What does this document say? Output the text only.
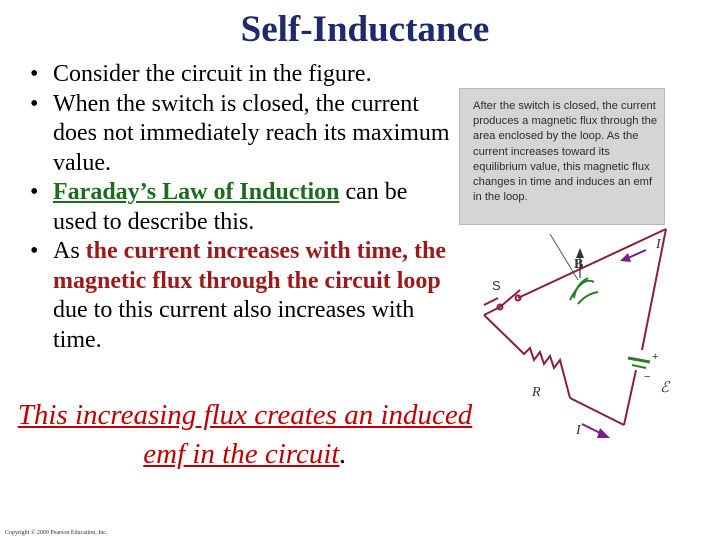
Self-Inductance
• Consider the circuit in the figure.
• When the switch is closed, the current does not immediately reach its maximum value.
• Faraday’s Law of Induction can be used to describe this.
• As the current increases with time, the magnetic flux through the circuit loop due to this current also increases with time.
This increasing flux creates an induced emf in the circuit.
Copyright © 2009 Pearson Education, Inc.
After the switch is closed, the current produces a magnetic flux through the area enclosed by the loop. As the current increases toward its equilibrium value, this magnetic flux changes in time and induces an emf in the loop.
S
B
I
I
R	ℰ
+
−
